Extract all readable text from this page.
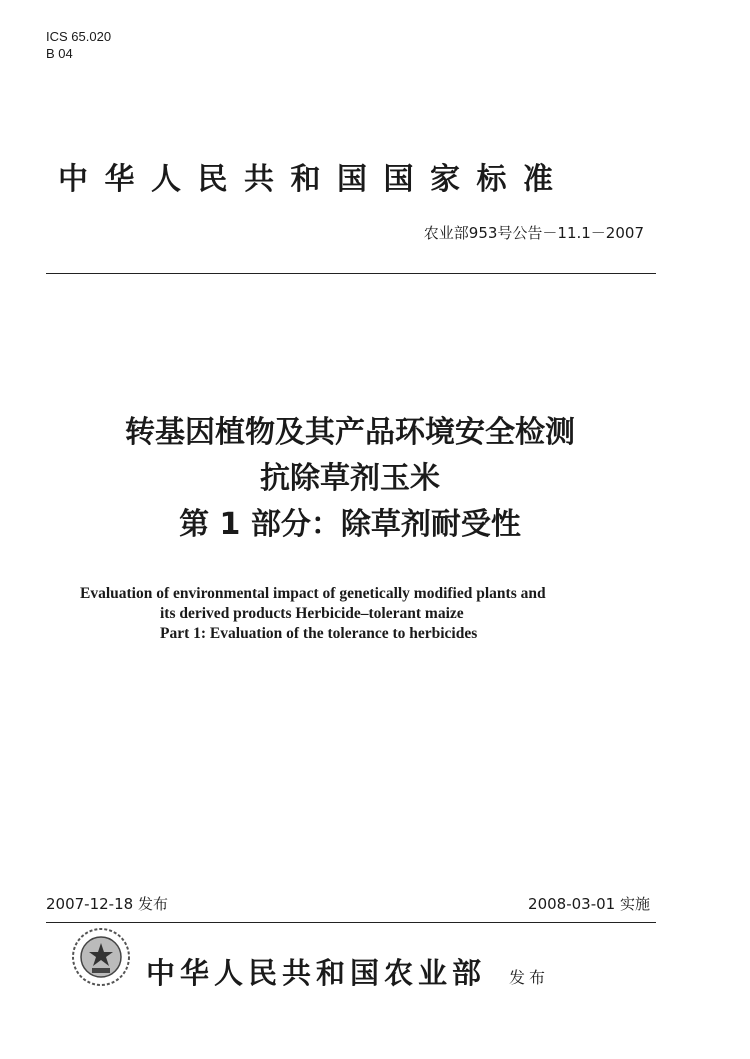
ICS 65.020
B 04
中华人民共和国国家标准
农业部953号公告－11.1－2007
转基因植物及其产品环境安全检测
抗除草剂玉米
第 1 部分：除草剂耐受性
Evaluation of environmental impact of genetically modified plants and
its derived products Herbicide–tolerant maize
Part 1: Evaluation of the tolerance to herbicides
2007-12-18 发布	2008-03-01 实施
中华人民共和国农业部 发布
